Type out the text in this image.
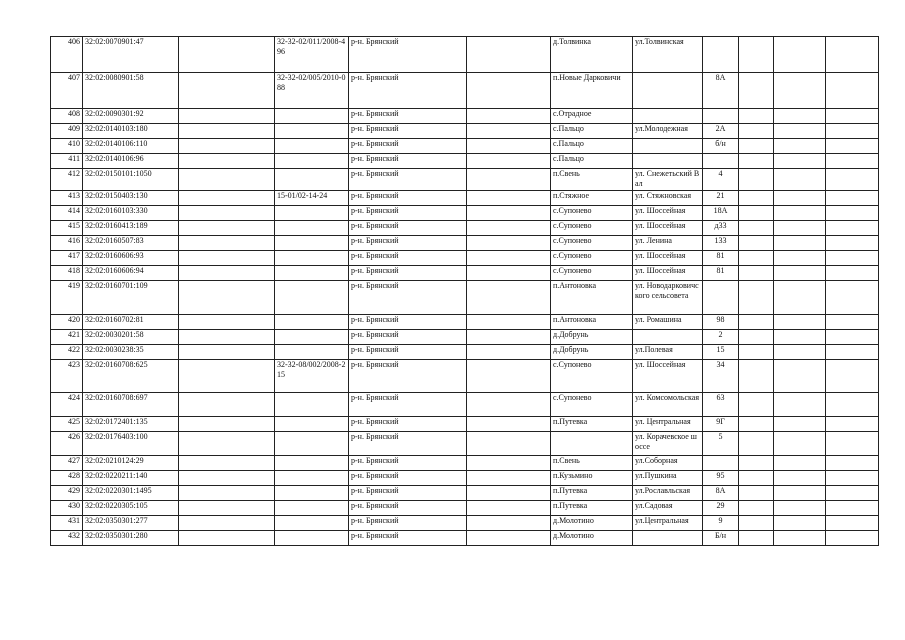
406	32:02:0070901:47		32-32-02/011/2008-496	р-н. Брянский		д.Толвинка	ул.Толвинская				
407	32:02:0080901:58		32-32-02/005/2010-088	р-н. Брянский		п.Новые Дарковичи		8А			
408	32:02:0090301:92			р-н. Брянский		с.Отрадное					
409	32:02:0140103:180			р-н. Брянский		с.Пальцо	ул.Молодежная	2А			
410	32:02:0140106:110			р-н. Брянский		с.Пальцо		б/н			
411	32:02:0140106:96			р-н. Брянский		с.Пальцо					
412	32:02:0150101:1050			р-н. Брянский		п.Свень	ул. Снежетьский Вал	4			
413	32:02:0150403:130		15-01/02-14-24	р-н. Брянский		п.Стяжное	ул. Стяжновская	21			
414	32:02:0160103:330			р-н. Брянский		с.Супонево	ул. Шоссейная	18А			
415	32:02:0160413:189			р-н. Брянский		с.Супонево	ул. Шоссейная	д33			
416	32:02:0160507:83			р-н. Брянский		с.Супонево	ул. Ленина	133			
417	32:02:0160606:93			р-н. Брянский		с.Супонево	ул. Шоссейная	81			
418	32:02:0160606:94			р-н. Брянский		с.Супонево	ул. Шоссейная	81			
419	32:02:0160701:109			р-н. Брянский		п.Антоновка	ул. Новодарковичского сельсовета				
420	32:02:0160702:81			р-н. Брянский		п.Антоновка	ул. Ромашина	98			
421	32:02:0030201:58			р-н. Брянский		д.Добрунь		2			
422	32:02:0030238:35			р-н. Брянский		д.Добрунь	ул.Полевая	15			
423	32:02:0160708:625		32-32-08/002/2008-215	р-н. Брянский		с.Супонево	ул. Шоссейная	34			
424	32:02:0160708:697			р-н. Брянский		с.Супонево	ул. Комсомольская	63			
425	32:02:0172401:135			р-н. Брянский		п.Путевка	ул. Центральная	9Г			
426	32:02:0176403:100			р-н. Брянский			ул. Корачевское шоссе	5			
427	32:02:0210124:29			р-н. Брянский		п.Свень	ул.Соборная				
428	32:02:0220211:140			р-н. Брянский		п.Кузьмино	ул.Пушкина	95			
429	32:02:0220301:1495			р-н. Брянский		п.Путевка	ул.Рославльская	8А			
430	32:02:0220305:105			р-н. Брянский		п.Путевка	ул.Садовая	29			
431	32:02:0350301:277			р-н. Брянский		д.Молотино	ул.Центральная	9			
432	32:02:0350301:280			р-н. Брянский		д.Молотино		Б/н			
